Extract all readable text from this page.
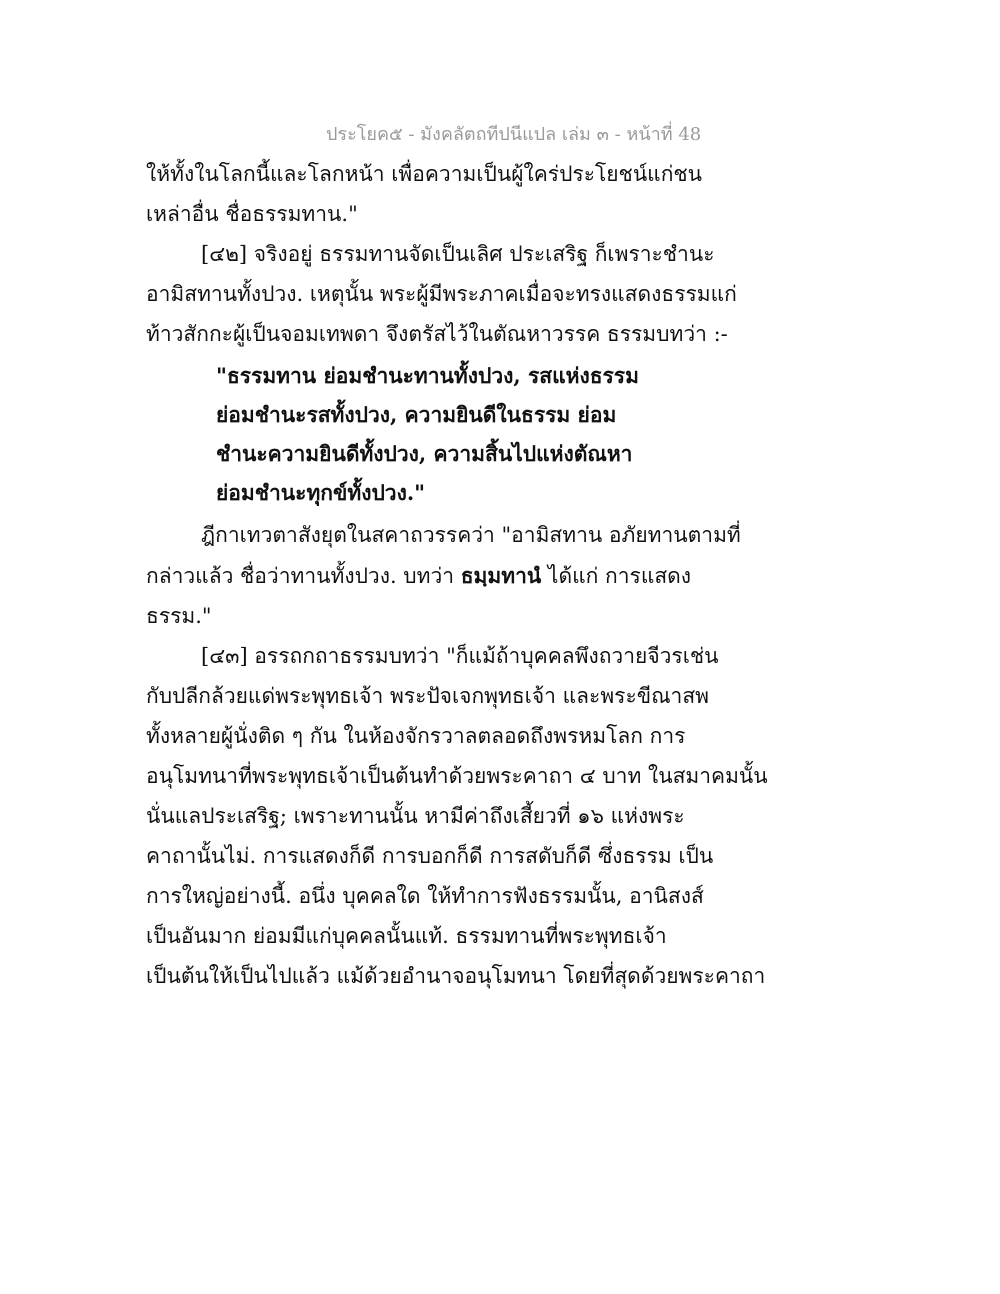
ประโยค๕ - มังคลัตถทีปนีแปล เล่ม ๓ - หน้าที่ 48
ให้ทั้งในโลกนี้และโลกหน้า เพื่อความเป็นผู้ใคร่ประโยชน์แก่ชน
เหล่าอื่น ชื่อธรรมทาน."
[๔๒] จริงอยู่ ธรรมทานจัดเป็นเลิศ ประเสริฐ ก็เพราะชำนะ
อามิสทานทั้งปวง. เหตุนั้น พระผู้มีพระภาคเมื่อจะทรงแสดงธรรมแก่
ท้าวสักกะผู้เป็นจอมเทพดา จึงตรัสไว้ในตัณหาวรรค ธรรมบทว่า :-
"ธรรมทาน ย่อมชำนะทานทั้งปวง, รสแห่งธรรม
ย่อมชำนะรสทั้งปวง, ความยินดีในธรรม ย่อม
ชำนะความยินดีทั้งปวง, ความสิ้นไปแห่งตัณหา
ย่อมชำนะทุกข์ทั้งปวง."
ฎีกาเทวตาสังยุตในสคาถวรรคว่า "อามิสทาน อภัยทานตามที่
กล่าวแล้ว ชื่อว่าทานทั้งปวง. บทว่า ธมฺมทานํ ได้แก่ การแสดง
ธรรม."
[๔๓] อรรถกถาธรรมบทว่า "ก็แม้ถ้าบุคคลพึงถวายจีวรเช่น
กับปลีกล้วยแด่พระพุทธเจ้า พระปัจเจกพุทธเจ้า และพระขีณาสพ
ทั้งหลายผู้นั่งติด ๆ กัน ในห้องจักรวาลตลอดถึงพรหมโลก การ
อนุโมทนาที่พระพุทธเจ้าเป็นต้นทำด้วยพระคาถา ๔ บาท ในสมาคมนั้น
นั่นแลประเสริฐ; เพราะทานนั้น หามีค่าถึงเสี้ยวที่ ๑๖ แห่งพระ
คาถานั้นไม่. การแสดงก็ดี การบอกก็ดี การสดับก็ดี ซึ่งธรรม เป็น
การใหญ่อย่างนี้. อนึ่ง บุคคลใด ให้ทำการฟังธรรมนั้น, อานิสงส์
เป็นอันมาก ย่อมมีแก่บุคคลนั้นแท้. ธรรมทานที่พระพุทธเจ้า
เป็นต้นให้เป็นไปแล้ว แม้ด้วยอำนาจอนุโมทนา โดยที่สุดด้วยพระคาถา
